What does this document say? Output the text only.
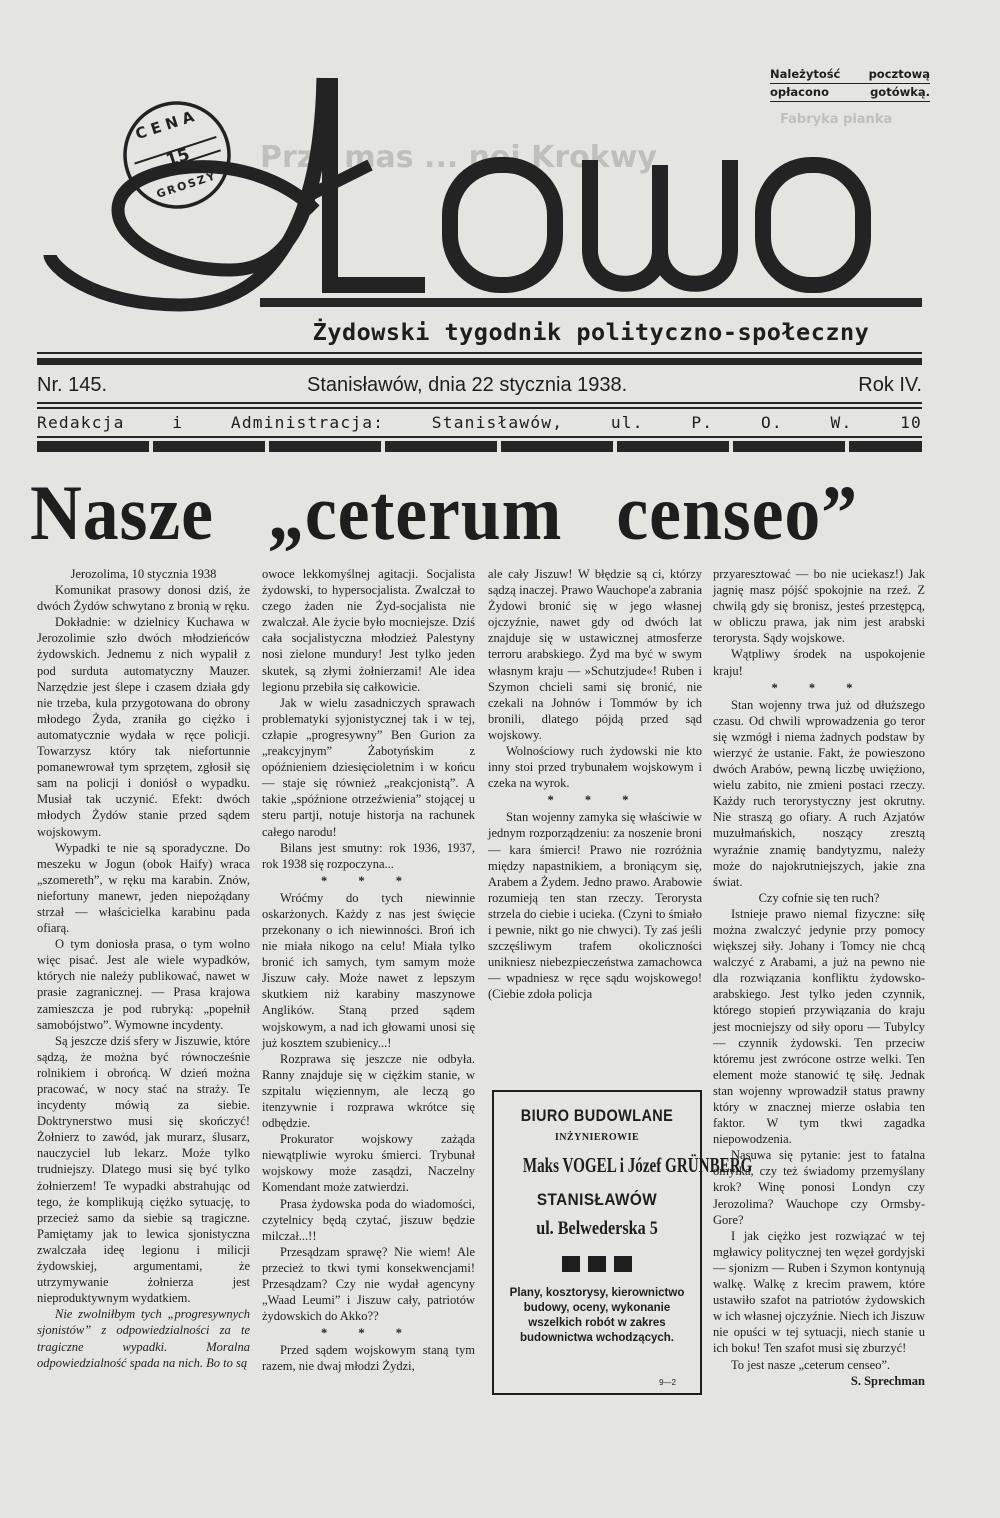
Fabryka pianka
Przy mas ... nej Krokwy
CENA
15
GROSZY
Należytość pocztową
opłacono gotówką.
Żydowski tygodnik polityczno-społeczny
Nr. 145.	Stanisławów, dnia 22 stycznia 1938.	Rok IV.
Redakcja i Administracja: Stanisławów, ul. P. O. W. 10
Nasze „ceterum censeo”

Jerozolima, 10 stycznia 1938

Komunikat prasowy donosi dziś, że dwóch Żydów schwytano z bronią w ręku.

Dokładnie: w dzielnicy Kuchawa w Jerozolimie szło dwóch młodzieńców żydowskich. Jednemu z nich wypalił z pod surduta automatyczny Mauzer. Narzędzie jest ślepe i czasem działa gdy nie trzeba, kula przygotowana do obrony młodego Żyda, zraniła go ciężko i automatycznie wydała w ręce policji. Towarzysz który tak niefortunnie pomanewrował tym sprzętem, zgłosił się sam na policji i doniósł o wypadku. Musiał tak uczynić. Efekt: dwóch młodych Żydów stanie przed sądem wojskowym.

Wypadki te nie są sporadyczne. Do meszeku w Jogun (obok Haify) wraca „szomereth”, w ręku ma karabin. Znów, niefortuny manewr, jeden niepożądany strzał — właścicielka karabinu pada ofiarą.

O tym doniosła prasa, o tym wolno więc pisać. Jest ale wiele wypadków, których nie należy publikować, nawet w prasie zagranicznej. — Prasa krajowa zamieszcza je pod rubryką: „popełnił samobójstwo”. Wymowne incydenty.

Są jeszcze dziś sfery w Jiszuwie, które sądzą, że można być równocześnie rolnikiem i obrońcą. W dzień można pracować, w nocy stać na straży. Te incydenty mówią za siebie. Doktrynerstwo musi się skończyć! Żołnierz to zawód, jak murarz, ślusarz, nauczyciel lub lekarz. Może tylko trudniejszy. Dlatego musi się być tylko żołnierzem! Te wypadki abstrahując od tego, że komplikują ciężko sytuację, to przecież samo da siebie są tragiczne. Pamiętamy jak to lewica sjonistyczna zwalczała ideę legionu i milicji żydowskiej, argumentami, że utrzymywanie żołnierza jest nieproduktywnym wydatkiem.

Nie zwolniłbym tych „progresywnych sjonistów” z odpowiedzialności za te tragiczne wypadki. Moralna odpowiedzialność spada na nich. Bo to są

owoce lekkomyślnej agitacji. Socjalista żydowski, to hypersocjalista. Zwalczał to czego żaden nie Żyd-socjalista nie zwalczał. Ale życie było mocniejsze. Dziś cała socjalistyczna młodzież Palestyny nosi zielone mundury! Jest tylko jeden skutek, są złymi żołnierzami! Ale idea legionu przebiła się całkowicie.

Jak w wielu zasadniczych sprawach problematyki syjonistycznej tak i w tej, człapie „progresywny” Ben Gurion za „reakcyjnym” Żabotyńskim z opóźnieniem dziesięcioletnim i w końcu — staje się również „reakcjonistą”. A takie „spóźnione otrzeźwienia” stojącej u steru partji, notuje historja na rachunek całego narodu!

Bilans jest smutny: rok 1936, 1937, rok 1938 się rozpoczyna...

* * *

Wróćmy do tych niewinnie oskarżonych. Każdy z nas jest święcie przekonany o ich niewinności. Broń ich nie miała nikogo na celu! Miała tylko bronić ich samych, tym samym może Jiszuw cały. Może nawet z lepszym skutkiem niż karabiny maszynowe Anglików. Staną przed sądem wojskowym, a nad ich głowami unosi się już kosztem szubienicy...!

Rozprawa się jeszcze nie odbyła. Ranny znajduje się w ciężkim stanie, w szpitalu więziennym, ale leczą go itenzywnie i rozprawa wkrótce się odbędzie.

Prokurator wojskowy zażąda niewątpliwie wyroku śmierci. Trybunał wojskowy może zasądzi, Naczelny Komendant może zatwierdzi.

Prasa żydowska poda do wiadomości, czytelnicy będą czytać, jiszuw będzie milczał...!!

Przesądzam sprawę? Nie wiem! Ale przecież to tkwi tymi konsekwencjami! Przesądzam? Czy nie wydał agencyny „Waad Leumi” i Jiszuw cały, patriotów żydowskich do Akko??

* * *

Przed sądem wojskowym staną tym razem, nie dwaj młodzi Żydzi,

ale cały Jiszuw! W błędzie są ci, którzy sądzą inaczej. Prawo Wauchope'a zabrania Żydowi bronić się w jego własnej ojczyźnie, nawet gdy od dwóch lat znajduje się w ustawicznej atmosferze terroru arabskiego. Żyd ma być w swym własnym kraju — »Schutzjude«! Ruben i Szymon chcieli sami się bronić, nie czekali na Johnów i Tommów by ich bronili, dlatego pójdą przed sąd wojskowy.

Wolnościowy ruch żydowski nie kto inny stoi przed trybunałem wojskowym i czeka na wyrok.

* * *

Stan wojenny zamyka się właściwie w jednym rozporządzeniu: za noszenie broni — kara śmierci! Prawo nie rozróżnia między napastnikiem, a broniącym się, Arabem a Żydem. Jedno prawo. Arabowie rozumieją ten stan rzeczy. Terorysta strzela do ciebie i ucieka. (Czyni to śmiało i pewnie, nikt go nie chwyci). Ty zaś jeśli szczęśliwym trafem okoliczności unikniesz niebezpieczeństwa zamachowca — wpadniesz w ręce sądu wojskowego! (Ciebie zdoła policja

BIURO BUDOWLANE
INŻYNIEROWIE
Maks VOGEL i Józef GRÜNBERG
STANISŁAWÓW
ul. Belwederska 5
Plany, kosztorysy, kierownictwo budowy, oceny, wykonanie wszelkich robót w zakres budownictwa wchodzących.
9—2

przyaresztować — bo nie uciekasz!) Jak jagnię masz pójść spokojnie na rzeź. Z chwilą gdy się bronisz, jesteś przestępcą, w obliczu prawa, jak nim jest arabski terorysta. Sądy wojskowe.

Wątpliwy środek na uspokojenie kraju!

* * *

Stan wojenny trwa już od dłuższego czasu. Od chwili wprowadzenia go teror się wzmógł i niema żadnych podstaw by wierzyć że ustanie. Fakt, że powieszono dwóch Arabów, pewną liczbę uwiężiono, wielu zabito, nie zmieni postaci rzeczy. Każdy ruch terorystyczny jest okrutny. Nie straszą go ofiary. A ruch Azjatów muzułmańskich, noszący zresztą wyraźnie znamię bandytyzmu, należy może do najokrutniejszych, jakie zna świat.

Czy cofnie się ten ruch?

Istnieje prawo niemal fizyczne: siłę można zwalczyć jedynie przy pomocy większej siły. Johany i Tomcy nie chcą walczyć z Arabami, a już na pewno nie dla rozwiązania konfliktu żydowsko-arabskiego. Jest tylko jeden czynnik, którego stopień przywiązania do kraju jest mocniejszy od siły oporu — Tubylcy — czynnik żydowski. Ten przeciw któremu jest zwrócone ostrze welki. Ten element może stanowić tę siłę. Jednak stan wojenny wprowadził status prawny który w znacznej mierze osłabia ten faktor. W tym tkwi zagadka niepowodzenia.

Nasuwa się pytanie: jest to fatalna omyłka, czy też świadomy przemyślany krok? Winę ponosi Londyn czy Jerozolima? Wauchope czy Ormsby-Gore?

I jak ciężko jest rozwiązać w tej mgławicy politycznej ten węzeł gordyjski — sjonizm — Ruben i Szymon kontynują walkę. Walkę z krecim prawem, które ustawiło szafot na patriotów żydowskich w ich własnej ojczyźnie. Niech ich Jiszuw nie opuści w tej sytuacji, niech stanie u ich boku! Ten szafot musi się zburzyć!

To jest nasze „ceterum censeo”.

S. Sprechman
